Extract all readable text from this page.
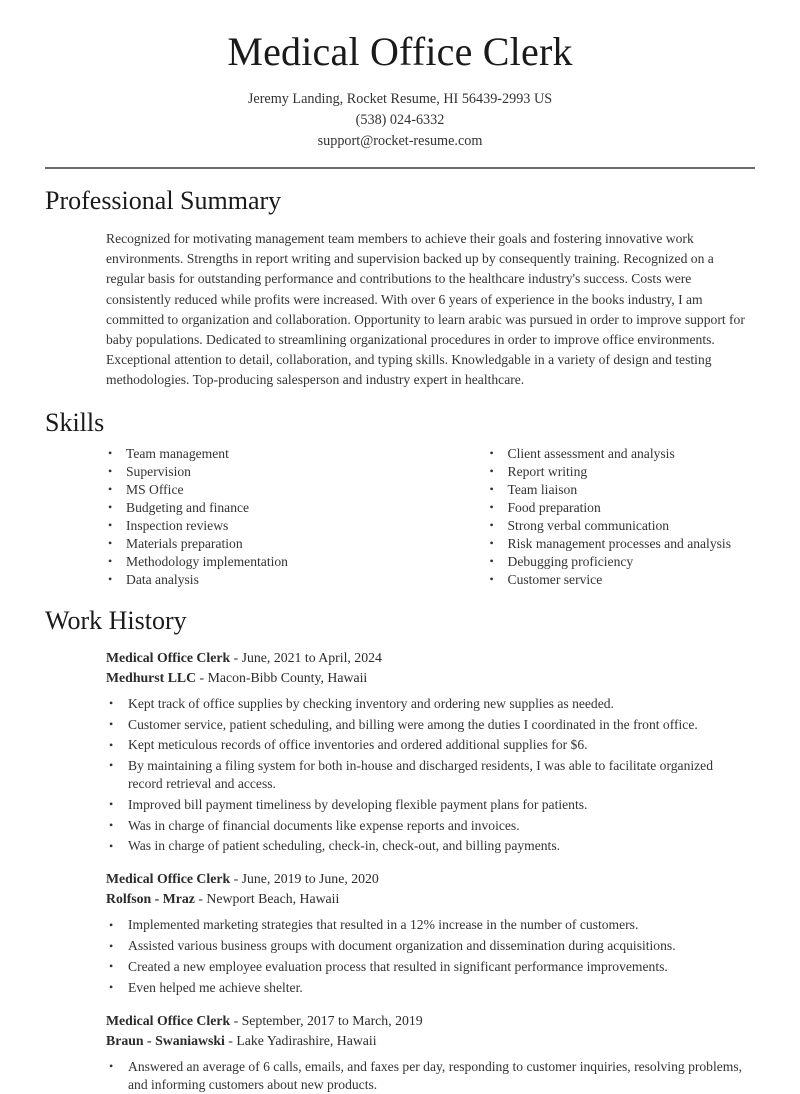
Medical Office Clerk
Jeremy Landing, Rocket Resume, HI 56439-2993 US
(538) 024-6332
support@rocket-resume.com
Professional Summary

Recognized for motivating management team members to achieve their goals and fostering innovative work environments. Strengths in report writing and supervision backed up by consequently training. Recognized on a regular basis for outstanding performance and contributions to the healthcare industry's success. Costs were consistently reduced while profits were increased. With over 6 years of experience in the books industry, I am committed to organization and collaboration. Opportunity to learn arabic was pursued in order to improve support for baby populations. Dedicated to streamlining organizational procedures in order to improve office environments. Exceptional attention to detail, collaboration, and typing skills. Knowledgable in a variety of design and testing methodologies. Top-producing salesperson and industry expert in healthcare.

Skills
• Team management
• Supervision
• MS Office
• Budgeting and finance
• Inspection reviews
• Materials preparation
• Methodology implementation
• Data analysis
• Client assessment and analysis
• Report writing
• Team liaison
• Food preparation
• Strong verbal communication
• Risk management processes and analysis
• Debugging proficiency
• Customer service
Work History
Medical Office Clerk - June, 2021 to April, 2024
Medhurst LLC - Macon-Bibb County, Hawaii
• Kept track of office supplies by checking inventory and ordering new supplies as needed.
• Customer service, patient scheduling, and billing were among the duties I coordinated in the front office.
• Kept meticulous records of office inventories and ordered additional supplies for $6.
• By maintaining a filing system for both in-house and discharged residents, I was able to facilitate organized record retrieval and access.
• Improved bill payment timeliness by developing flexible payment plans for patients.
• Was in charge of financial documents like expense reports and invoices.
• Was in charge of patient scheduling, check-in, check-out, and billing payments.
Medical Office Clerk - June, 2019 to June, 2020
Rolfson - Mraz - Newport Beach, Hawaii
• Implemented marketing strategies that resulted in a 12% increase in the number of customers.
• Assisted various business groups with document organization and dissemination during acquisitions.
• Created a new employee evaluation process that resulted in significant performance improvements.
• Even helped me achieve shelter.
Medical Office Clerk - September, 2017 to March, 2019
Braun - Swaniawski - Lake Yadirashire, Hawaii
• Answered an average of 6 calls, emails, and faxes per day, responding to customer inquiries, resolving problems, and informing customers about new products.
